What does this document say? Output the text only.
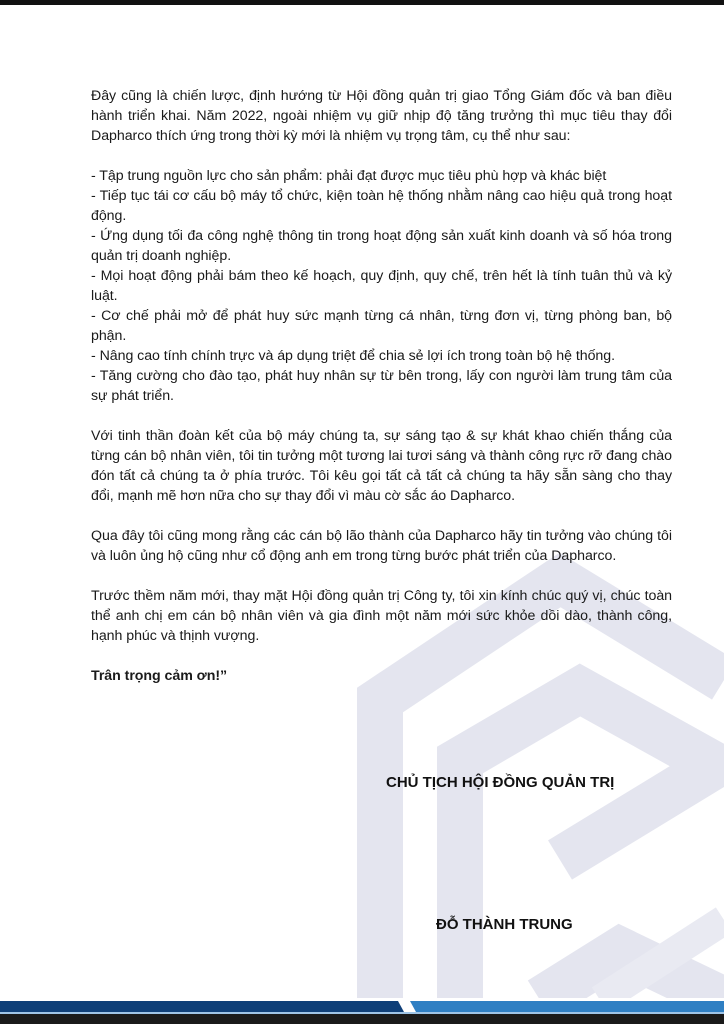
Đây cũng là chiến lược, định hướng từ Hội đồng quản trị giao Tổng Giám đốc và ban điều hành triển khai. Năm 2022, ngoài nhiệm vụ giữ nhịp độ tăng trưởng thì mục tiêu thay đổi Dapharco thích ứng trong thời kỳ mới là nhiệm vụ trọng tâm, cụ thể như sau:

- Tập trung nguồn lực cho sản phẩm: phải đạt được mục tiêu phù hợp và khác biệt
- Tiếp tục tái cơ cấu bộ máy tổ chức, kiện toàn hệ thống nhằm nâng cao hiệu quả trong hoạt động.
- Ứng dụng tối đa công nghệ thông tin trong hoạt động sản xuất kinh doanh và số hóa trong quản trị doanh nghiệp.
- Mọi hoạt động phải bám theo kế hoạch, quy định, quy chế, trên hết là tính tuân thủ và kỷ luật.
- Cơ chế phải mở để phát huy sức mạnh từng cá nhân, từng đơn vị, từng phòng ban, bộ phận.
- Nâng cao tính chính trực và áp dụng triệt để chia sẻ lợi ích trong toàn bộ hệ thống.
- Tăng cường cho đào tạo, phát huy nhân sự từ bên trong, lấy con người làm trung tâm của sự phát triển.

Với tinh thần đoàn kết của bộ máy chúng ta, sự sáng tạo & sự khát khao chiến thắng của từng cán bộ nhân viên, tôi tin tưởng một tương lai tươi sáng và thành công rực rỡ đang chào đón tất cả chúng ta ở phía trước. Tôi kêu gọi tất cả tất cả chúng ta hãy sẵn sàng cho thay đổi, mạnh mẽ hơn nữa cho sự thay đổi vì màu cờ sắc áo Dapharco.

Qua đây tôi cũng mong rằng các cán bộ lão thành của Dapharco hãy tin tưởng vào chúng tôi và luôn ủng hộ cũng như cổ động anh em trong từng bước phát triển của Dapharco.

Trước thềm năm mới, thay mặt Hội đồng quản trị Công ty, tôi xin kính chúc quý vị, chúc toàn thể anh chị em cán bộ nhân viên và gia đình một năm mới sức khỏe dồi dào, thành công, hạnh phúc và thịnh vượng.

Trân trọng cảm ơn!”

CHỦ TỊCH HỘI ĐỒNG QUẢN TRỊ
ĐỖ THÀNH TRUNG
